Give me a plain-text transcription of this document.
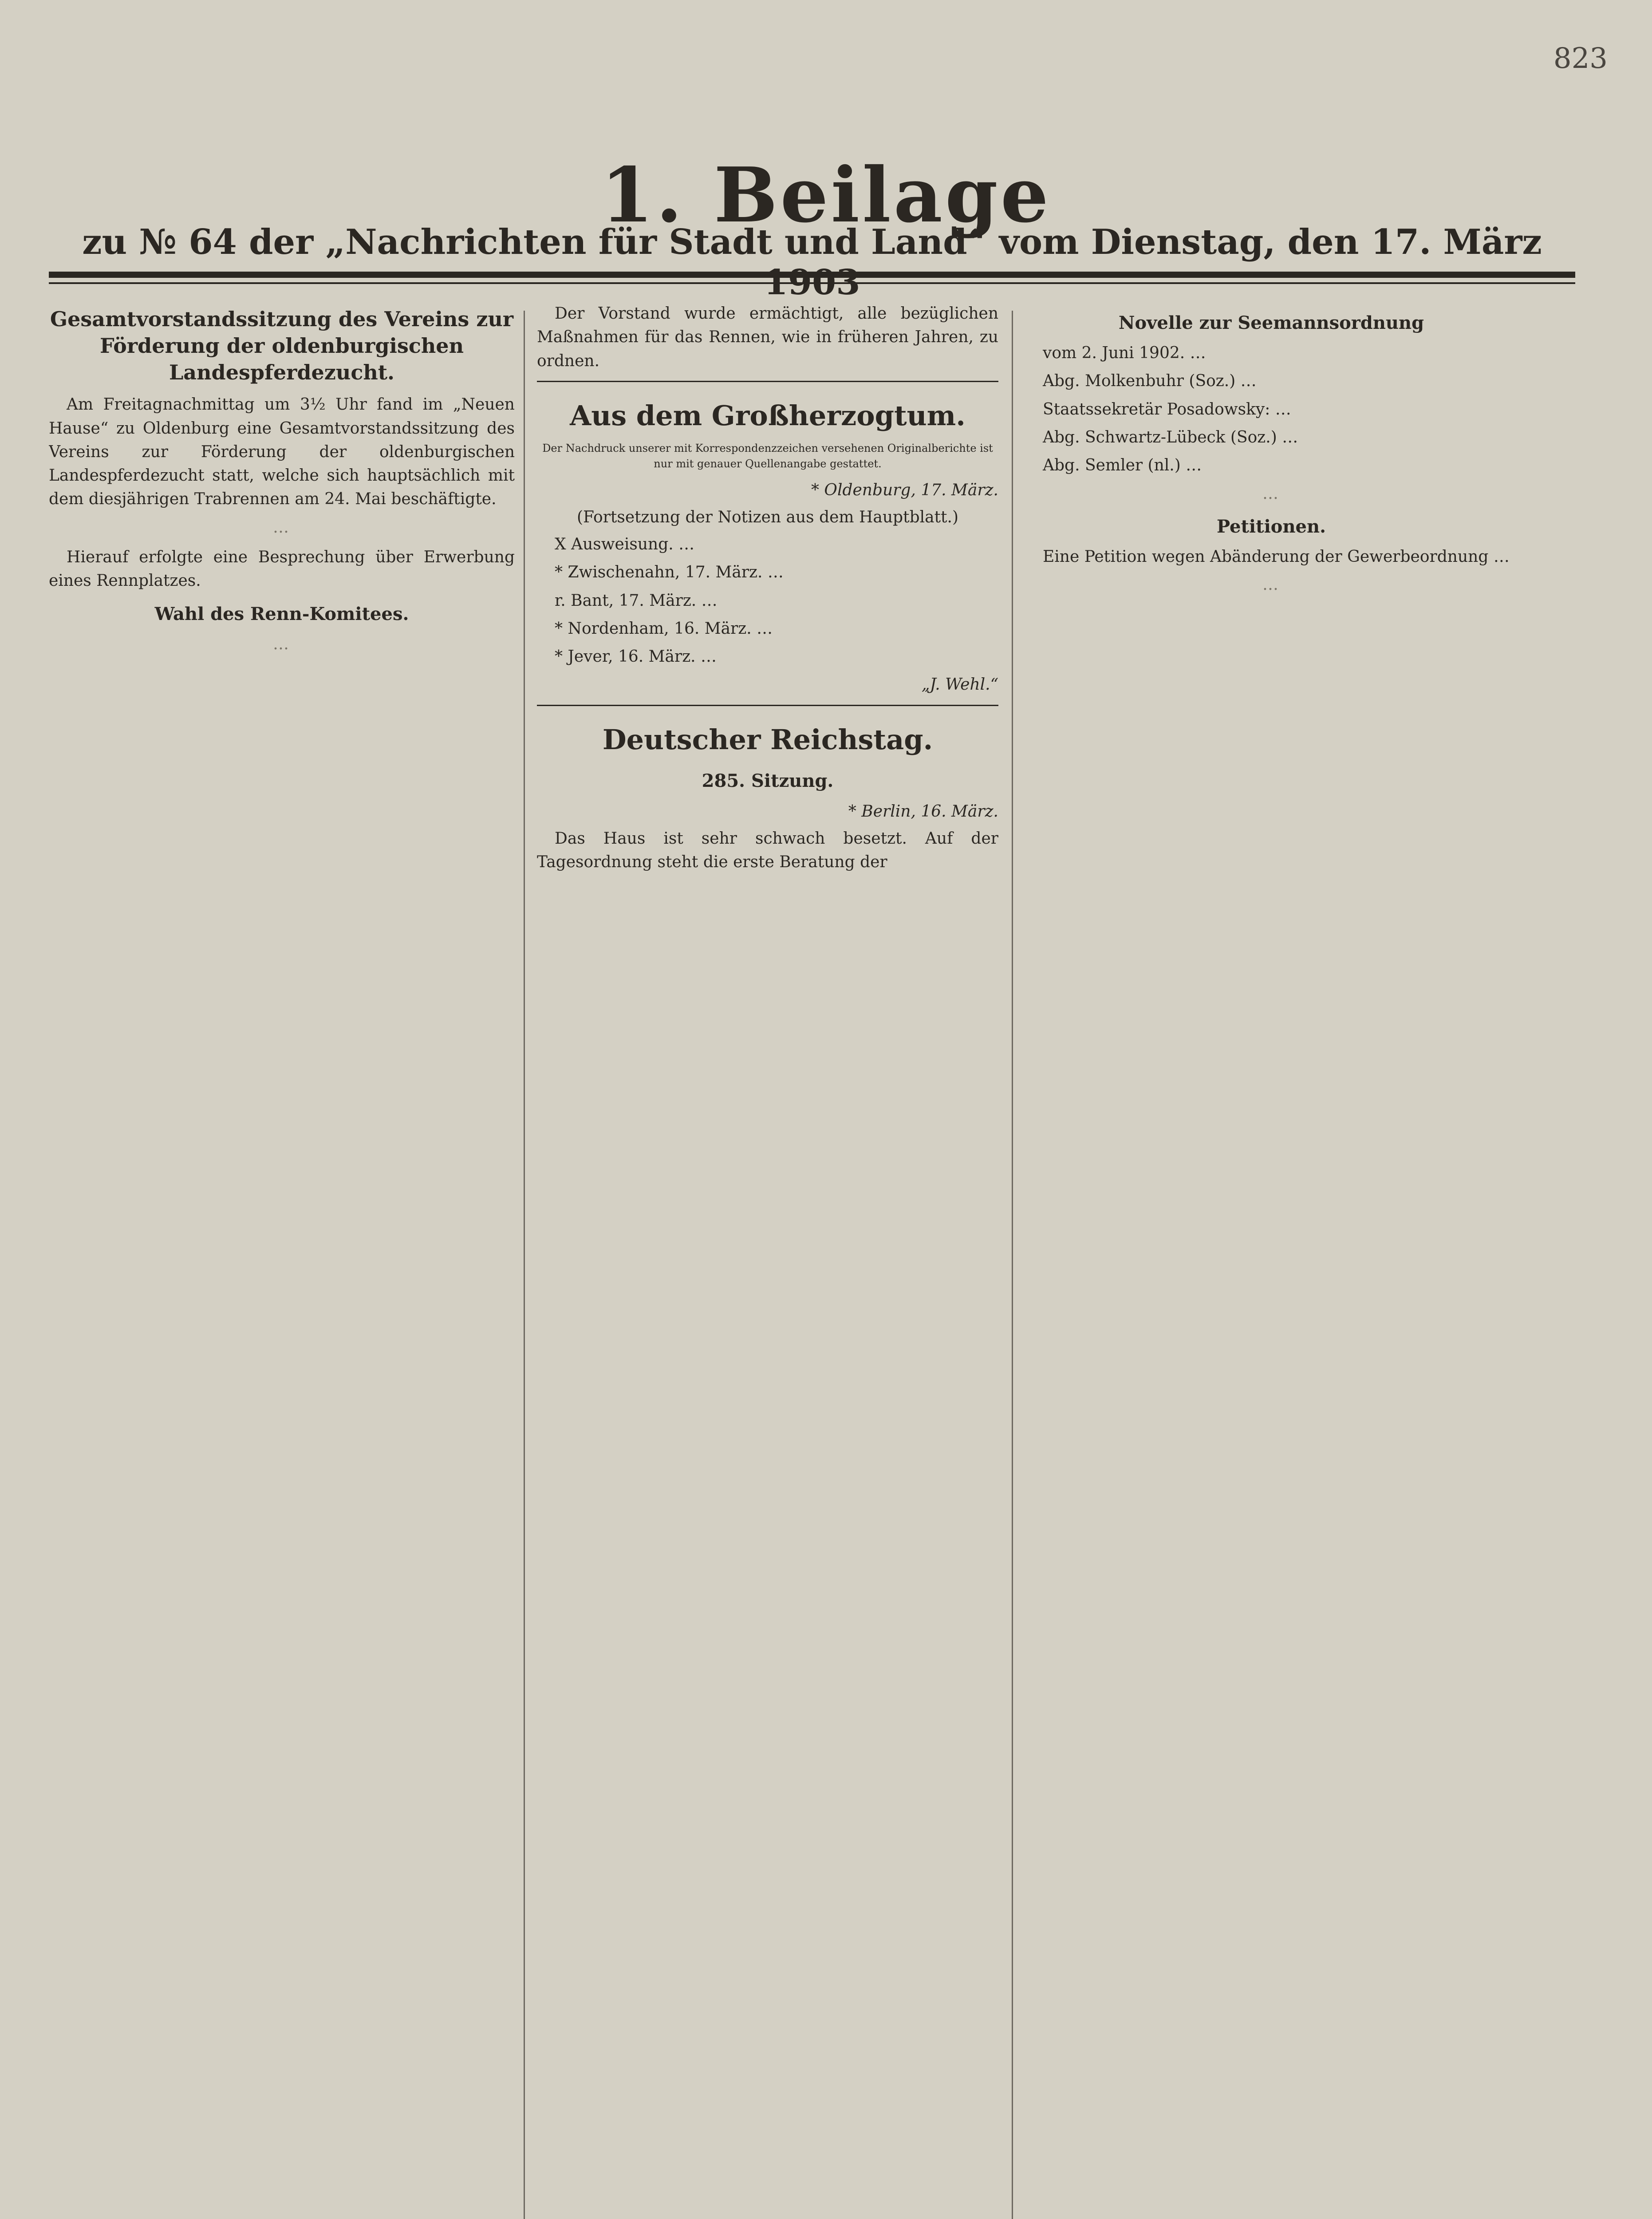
823
1. Beilage
zu № 64 der „Nachrichten für Stadt und Land“ vom Dienstag, den 17. März
Gesamtvorstandssitzung des Vereins zur Förderung der oldenburgischen Landespferdezucht.

Am Freitagnachmittag um 3½ Uhr fand im „Neuen Hause“ zu Oldenburg eine Gesamtvorstandssitzung des Vereins zur Förderung der oldenburgischen Landespferdezucht statt, welche sich hauptsächlich mit dem diesjährigen Trabrennen am 24. Mai beschäftigte.

…

Hierauf erfolgte eine Besprechung über Erwerbung eines Rennplatzes.

Wahl des Renn-Komitees.
…

Der Vorstand wurde ermächtigt, alle bezüglichen Maßnahmen für das Rennen, wie in früheren Jahren, zu ordnen.

Aus dem Großherzogtum.
Der Nachdruck unserer mit Korrespondenzzeichen versehenen Originalberichte ist nur mit genauer Quellenangabe gestattet.
* Oldenburg, 17. März.
(Fortsetzung der Notizen aus dem Hauptblatt.)

X Ausweisung. …

* Zwischenahn, 17. März. …

r. Bant, 17. März. …

* Nordenham, 16. März. …

* Jever, 16. März. …

„J. Wehl.“
Deutscher Reichstag.
285. Sitzung.
* Berlin, 16. März.

Das Haus ist sehr schwach besetzt. Auf der Tagesordnung steht die erste Beratung der

Novelle zur Seemannsordnung

vom 2. Juni 1902. …

Abg. Molkenbuhr (Soz.) …

Staatssekretär Posadowsky: …

Abg. Schwartz-Lübeck (Soz.) …

Abg. Semler (nl.) …

…
Petitionen.

Eine Petition wegen Abänderung der Gewerbeordnung …

…
